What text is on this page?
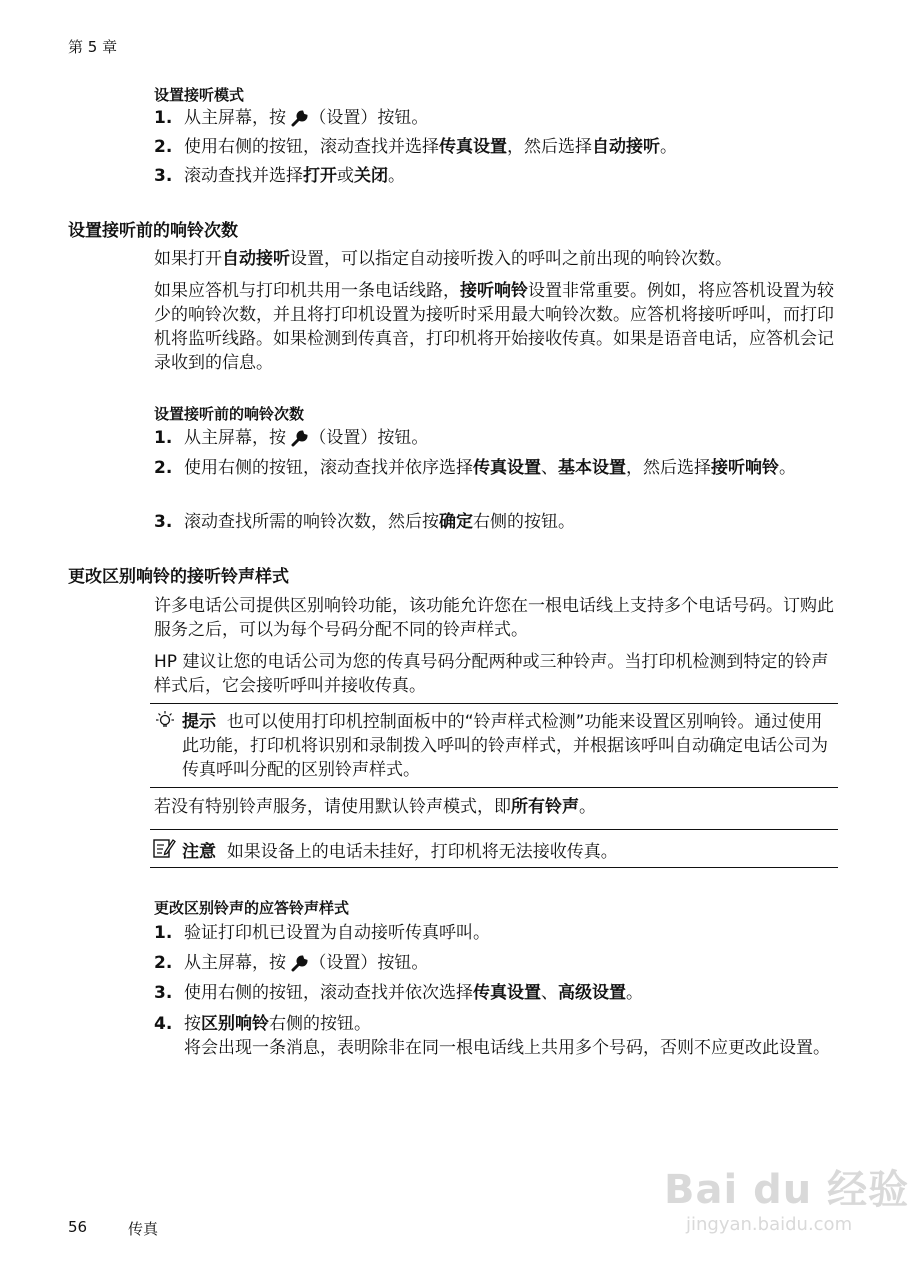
第 5 章
设置接听模式
1. 从主屏幕，按 （设置）按钮。
2. 使用右侧的按钮，滚动查找并选择传真设置，然后选择自动接听。
3. 滚动查找并选择打开或关闭。
设置接听前的响铃次数
如果打开自动接听设置，可以指定自动接听拨入的呼叫之前出现的响铃次数。
如果应答机与打印机共用一条电话线路，接听响铃设置非常重要。例如，将应答机设置为较少的响铃次数，并且将打印机设置为接听时采用最大响铃次数。应答机将接听呼叫，而打印机将监听线路。如果检测到传真音，打印机将开始接收传真。如果是语音电话，应答机会记录收到的信息。
设置接听前的响铃次数
1. 从主屏幕，按 （设置）按钮。
2. 使用右侧的按钮，滚动查找并依序选择传真设置、基本设置，然后选择接听响铃。
3. 滚动查找所需的响铃次数，然后按确定右侧的按钮。
更改区别响铃的接听铃声样式
许多电话公司提供区别响铃功能，该功能允许您在一根电话线上支持多个电话号码。订购此服务之后，可以为每个号码分配不同的铃声样式。
HP 建议让您的电话公司为您的传真号码分配两种或三种铃声。当打印机检测到特定的铃声样式后，它会接听呼叫并接收传真。
提示 也可以使用打印机控制面板中的“铃声样式检测”功能来设置区别响铃。通过使用此功能，打印机将识别和录制拨入呼叫的铃声样式，并根据该呼叫自动确定电话公司为传真呼叫分配的区别铃声样式。
若没有特别铃声服务，请使用默认铃声模式，即所有铃声。
注意 如果设备上的电话未挂好，打印机将无法接收传真。
更改区别铃声的应答铃声样式
1. 验证打印机已设置为自动接听传真呼叫。
2. 从主屏幕，按 （设置）按钮。
3. 使用右侧的按钮，滚动查找并依次选择传真设置、高级设置。
4. 按区别响铃右侧的按钮。
将会出现一条消息，表明除非在同一根电话线上共用多个号码，否则不应更改此设置。
Bai du 经验
jingyan.baidu.com
56	传真
